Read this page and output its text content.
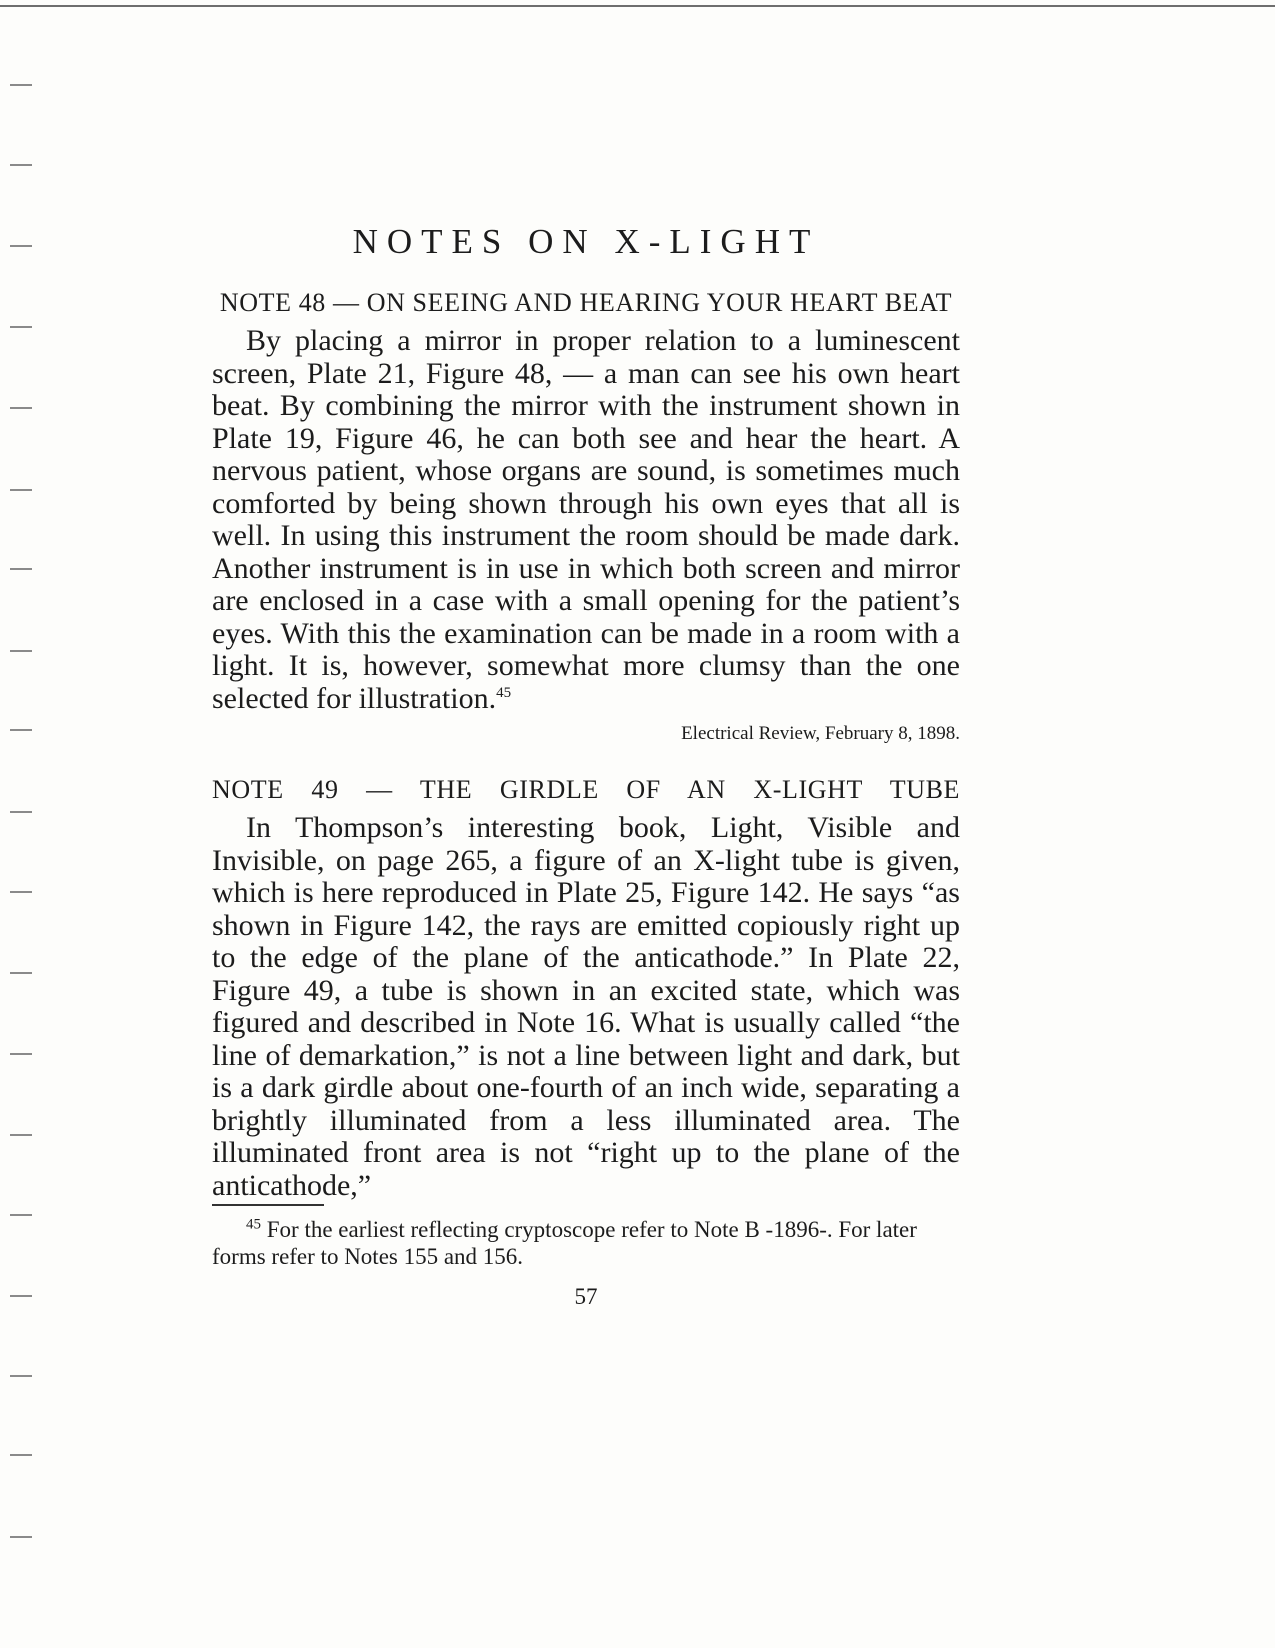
NOTES ON X-LIGHT
NOTE 48 — ON SEEING AND HEARING YOUR HEART BEAT

By placing a mirror in proper relation to a luminescent screen, Plate 21, Figure 48, — a man can see his own heart beat. By combining the mirror with the instrument shown in Plate 19, Figure 46, he can both see and hear the heart. A nervous patient, whose organs are sound, is sometimes much comforted by being shown through his own eyes that all is well. In using this instrument the room should be made dark. Another instrument is in use in which both screen and mirror are enclosed in a case with a small opening for the patient’s eyes. With this the examination can be made in a room with a light. It is, however, somewhat more clumsy than the one selected for illustration.$^{45}$

Electrical Review, February 8, 1898.

NOTE 49 — THE GIRDLE OF AN X-LIGHT TUBE

In Thompson’s interesting book, Light, Visible and Invisible, on page 265, a figure of an X-light tube is given, which is here reproduced in Plate 25, Figure 142. He says “as shown in Figure 142, the rays are emitted copiously right up to the edge of the plane of the anticathode.” In Plate 22, Figure 49, a tube is shown in an excited state, which was figured and described in Note 16. What is usually called “the line of demarkation,” is not a line between light and dark, but is a dark girdle about one-fourth of an inch wide, separating a brightly illuminated from a less illuminated area. The illuminated front area is not “right up to the plane of the anticathode,”

$^{45}$ For the earliest reflecting cryptoscope refer to Note B -1896-. For later forms refer to Notes 155 and 156.

57
